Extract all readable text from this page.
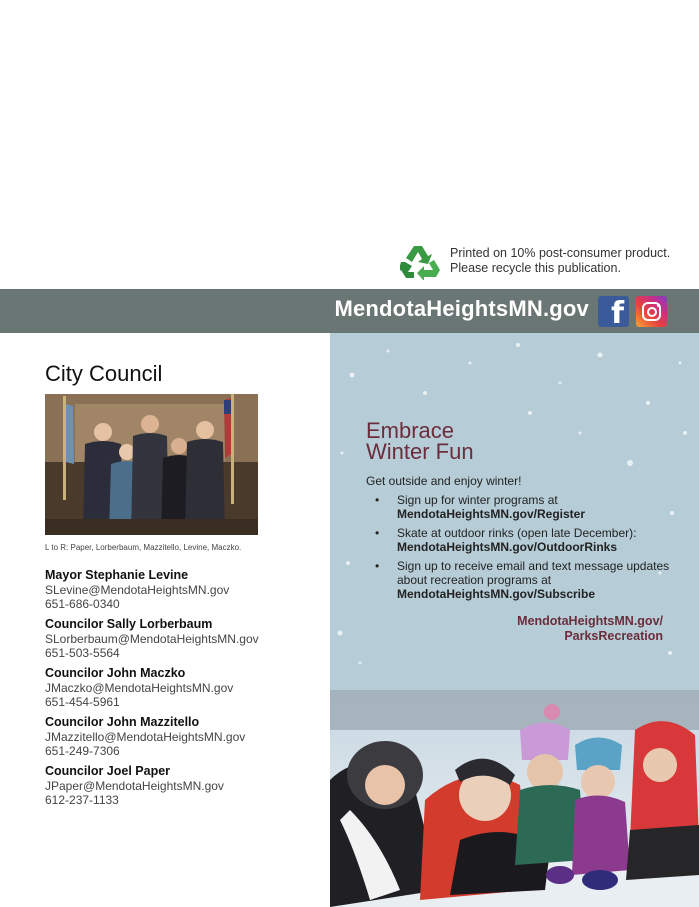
Printed on 10% post-consumer product.
Please recycle this publication.
MendotaHeightsMN.gov f
City Council
L to R: Paper, Lorberbaum, Mazzitello, Levine, Maczko.
Mayor Stephanie Levine
SLevine@MendotaHeightsMN.gov
651-686-0340
Councilor Sally Lorberbaum
SLorberbaum@MendotaHeightsMN.gov
651-503-5564
Councilor John Maczko
JMaczko@MendotaHeightsMN.gov
651-454-5961
Councilor John Mazzitello
JMazzitello@MendotaHeightsMN.gov
651-249-7306
Councilor Joel Paper
JPaper@MendotaHeightsMN.gov
612-237-1133
Embrace
Winter Fun
Get outside and enjoy winter!
• Sign up for winter programs at
MendotaHeightsMN.gov/Register
• Skate at outdoor rinks (open late December):
MendotaHeightsMN.gov/OutdoorRinks
• Sign up to receive email and text message updates about recreation programs at
MendotaHeightsMN.gov/Subscribe
MendotaHeightsMN.gov/
ParksRecreation
